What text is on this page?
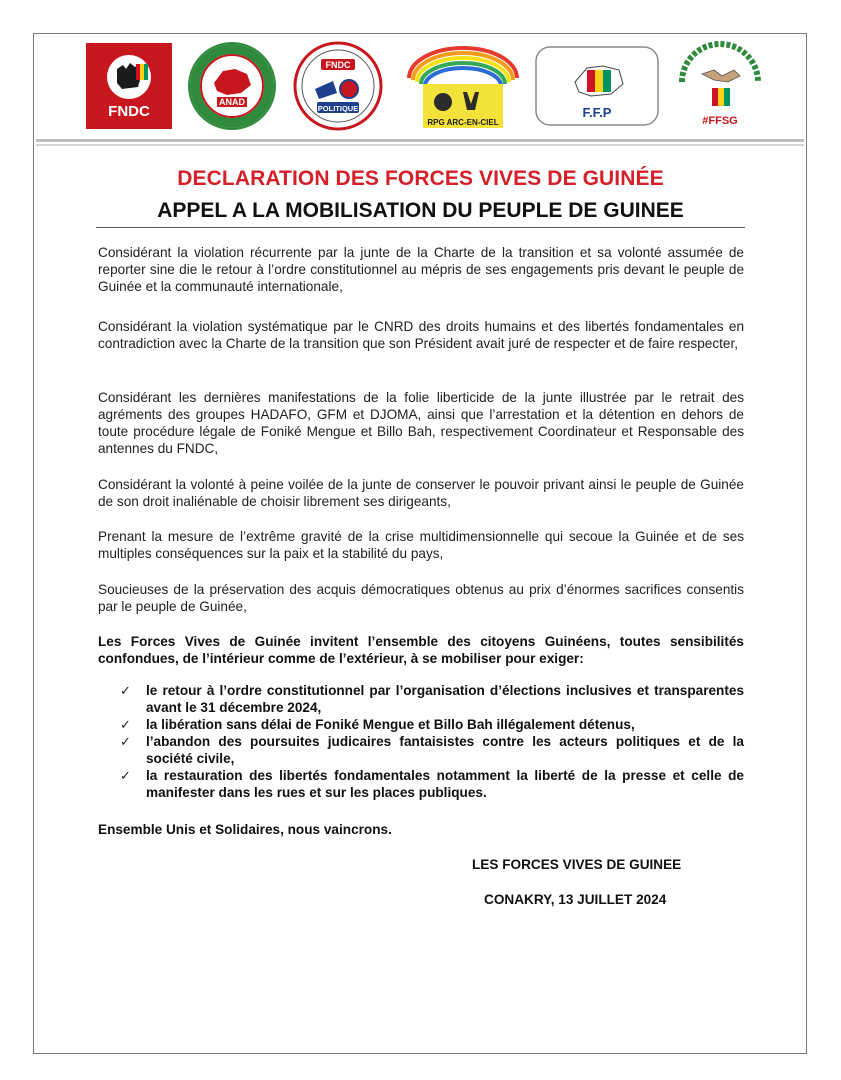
FNDC
ANAD
FNDC
POLITIQUE
RPG ARC-EN-CIEL
F.F.P
#FFSG
DECLARATION DES FORCES VIVES DE GUINÉE
APPEL A LA MOBILISATION DU PEUPLE DE GUINEE

Considérant la violation récurrente par la junte de la Charte de la transition et sa volonté assumée de reporter sine die le retour à l’ordre constitutionnel au mépris de ses engagements pris devant le peuple de Guinée et la communauté internationale,

Considérant la violation systématique par le CNRD des droits humains et des libertés fondamentales en contradiction avec la Charte de la transition que son Président avait juré de respecter et de faire respecter,

Considérant les dernières manifestations de la folie liberticide de la junte illustrée par le retrait des agréments des groupes HADAFO, GFM et DJOMA, ainsi que l’arrestation et la détention en dehors de toute procédure légale de Foniké Mengue et Billo Bah, respectivement Coordinateur et Responsable des antennes du FNDC,

Considérant la volonté à peine voilée de la junte de conserver le pouvoir privant ainsi le peuple de Guinée de son droit inaliénable de choisir librement ses dirigeants,

Prenant la mesure de l’extrême gravité de la crise multidimensionnelle qui secoue la Guinée et de ses multiples conséquences sur la paix et la stabilité du pays,

Soucieuses de la préservation des acquis démocratiques obtenus au prix d’énormes sacrifices consentis par le peuple de Guinée,

Les Forces Vives de Guinée invitent l’ensemble des citoyens Guinéens, toutes sensibilités confondues, de l’intérieur comme de l’extérieur, à se mobiliser pour exiger:

✓ le retour à l’ordre constitutionnel par l’organisation d’élections inclusives et transparentes avant le 31 décembre 2024,
✓ la libération sans délai de Foniké Mengue et Billo Bah illégalement détenus,
✓ l’abandon des poursuites judicaires fantaisistes contre les acteurs politiques et de la société civile,
✓ la restauration des libertés fondamentales notamment la liberté de la presse et celle de manifester dans les rues et sur les places publiques.
Ensemble Unis et Solidaires, nous vaincrons.
LES FORCES VIVES DE GUINEE
CONAKRY, 13 JUILLET 2024
